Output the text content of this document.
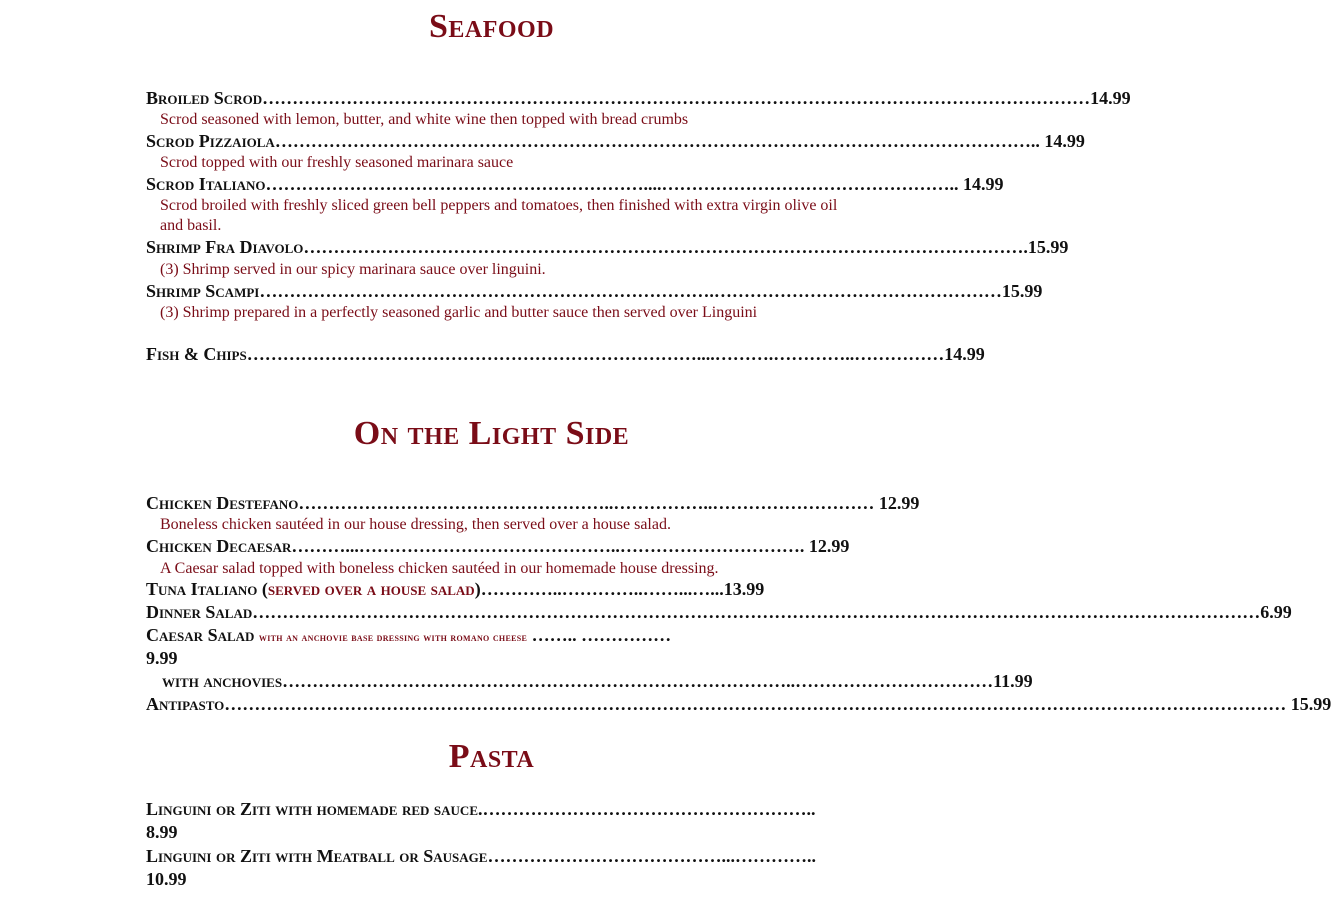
Seafood
Broiled Scrod…………………………………………………………………………………………………………………………14.99
Scrod seasoned with lemon, butter, and white wine then topped with bread crumbs
Scrod Pizzaiola……………………………………………………………………………………………………………….. 14.99
Scrod topped with our freshly seasoned marinara sauce
Scrod Italiano………………………………………………………....………………………………………….. 14.99
Scrod broiled with freshly sliced green bell peppers and tomatoes, then finished with extra virgin olive oil and basil.
Shrimp Fra Diavolo………………………………………………………………………………………………………….15.99
(3) Shrimp served in our spicy marinara sauce over linguini.
Shrimp Scampi………………………………………………………………….…………………………………………15.99
(3) Shrimp prepared in a perfectly seasoned garlic and butter sauce then served over Linguini
Fish & Chips…………………………………………………………………....……….…………..……………14.99
On the Light Side
Chicken Destefano……………………………………………..……………..……………………… 12.99
Boneless chicken sautéed in our house dressing, then served over a house salad.
Chicken Decaesar………...……………………………………..…………………………. 12.99
A Caesar salad topped with boneless chicken sautéed in our homemade house dressing.
Tuna Italiano (served over a house salad)…………..…………..……...…...13.99
Dinner Salad……………………………………………………………………………………………………………………………………………………6.99
Caesar Salad with an anchovie base dressing with romano cheese …….. ……………
9.99
with anchovies…………………………………………………………………………..……………………………11.99
Antipasto…………………………………………………………………………………………………………………………………………………………… 15.99
Pasta
Linguini or Ziti with homemade red sauce.………………………………………………..
8.99
Linguini or Ziti with Meatball or Sausage…………………………………...…………..
10.99
